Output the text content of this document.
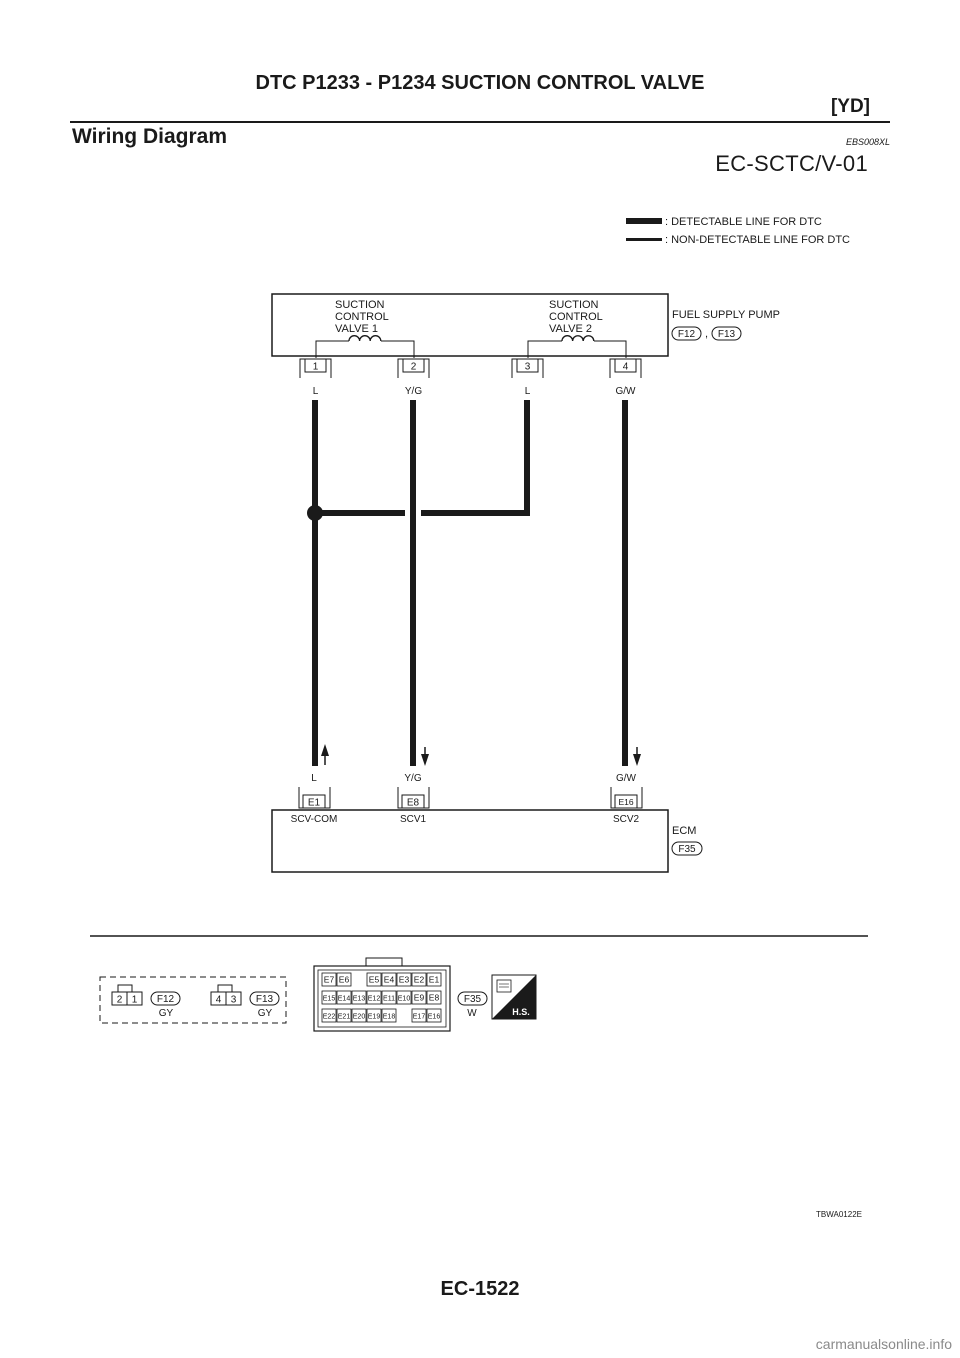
DTC P1233 - P1234 SUCTION CONTROL VALVE
[YD]
Wiring Diagram	EBS008XL
EC-SCTC/V-01
: DETECTABLE LINE FOR DTC
: NON-DETECTABLE LINE FOR DTC
SUCTION
CONTROL
VALVE 1
SUCTION
CONTROL
VALVE 2
FUEL SUPPLY PUMP
F12 , F13
1
L
2
Y/G
3
L
4
G/W
L
E1
SCV-COM
Y/G
E8
SCV1
G/W
E16
SCV2
ECM
F35
2 1 F12
GY
4 3 F13
GY
E7 E6 E5 E4 E3 E2 E1
E15 E14 E13 E12 E11 E10 E9 E8
E22 E21 E20 E19 E18	E17 E16
F35
W	H.S.
TBWA0122E
EC-1522
carmanualsonline.info
